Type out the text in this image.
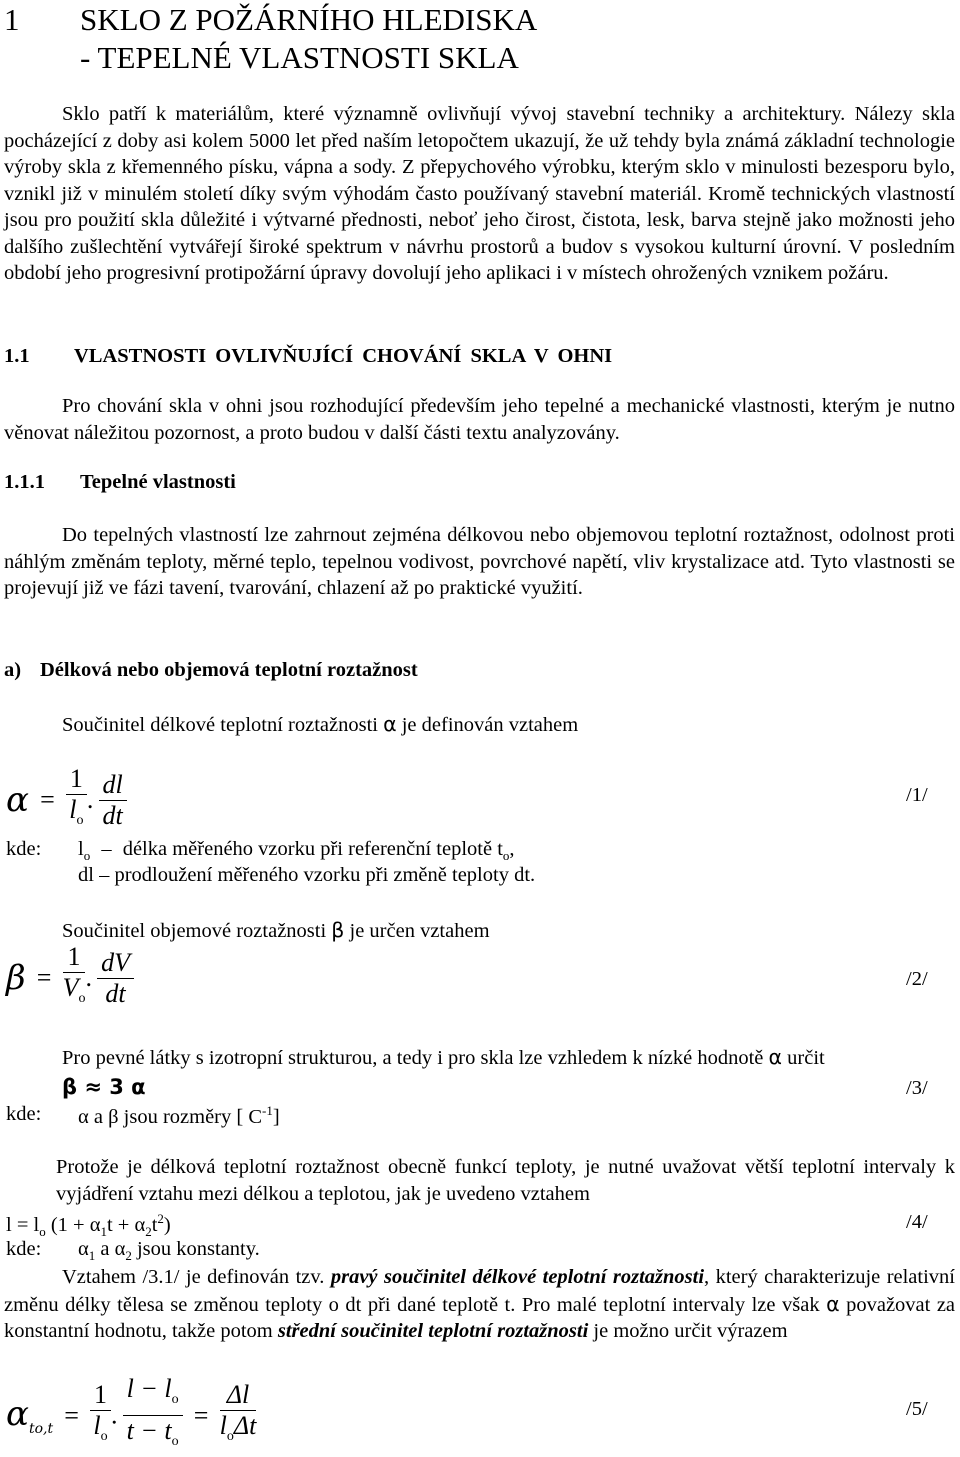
1 SKLO Z POŽÁRNÍHO HLEDISKA
- TEPELNÉ VLASTNOSTI SKLA
Sklo patří k materiálům, které významně ovlivňují vývoj stavební techniky a architektury. Nálezy skla pocházející z doby asi kolem 5000 let před naším letopočtem ukazují, že už tehdy byla známá základní technologie výroby skla z křemenného písku, vápna a sody. Z přepychového výrobku, kterým sklo v minulosti bezesporu bylo, vznikl již v minulém století díky svým výhodám často používaný stavební materiál. Kromě technických vlastností jsou pro použití skla důležité i výtvarné přednosti, neboť jeho čirost, čistota, lesk, barva stejně jako možnosti jeho dalšího zušlechtění vytvářejí široké spektrum v návrhu prostorů a budov s vysokou kulturní úrovní. V posledním období jeho progresivní protipožární úpravy dovolují jeho aplikaci i v místech ohrožených vznikem požáru.
1.1 VLASTNOSTI OVLIVŇUJÍCÍ CHOVÁNÍ SKLA V OHNI
Pro chování skla v ohni jsou rozhodující především jeho tepelné a mechanické vlastnosti, kterým je nutno věnovat náležitou pozornost, a proto budou v další části textu analyzovány.
1.1.1 Tepelné vlastnosti
Do tepelných vlastností lze zahrnout zejména délkovou nebo objemovou teplotní roztažnost, odolnost proti náhlým změnám teploty, měrné teplo, tepelnou vodivost, povrchové napětí, vliv krystalizace atd. Tyto vlastnosti se projevují již ve fázi tavení, tvarování, chlazení až po praktické využití.
a) Délková nebo objemová teplotní roztažnost
Součinitel délkové teplotní roztažnosti α je definován vztahem
$\alpha = \frac{1}{l_o}$ . $\frac{dl}{dt}$	/1/
kde: $l_o$ – délka měřeného vzorku při referenční teplotě $t_o$,
dl – prodloužení měřeného vzorku při změně teploty dt.
Součinitel objemové roztažnosti β je určen vztahem
$\beta = \frac{1}{V_o}$ . $\frac{dV}{dt}$	/2/
Pro pevné látky s izotropní strukturou, a tedy i pro skla lze vzhledem k nízké hodnotě α určit
β ≈ 3 α	/3/
kde: α a β jsou rozměry [ $C^{-1}$]
Protože je délková teplotní roztažnost obecně funkcí teploty, je nutné uvažovat větší teplotní intervaly k vyjádření vztahu mezi délkou a teplotou, jak je uvedeno vztahem
$l = l_o$ $(1 + \alpha_1t + \alpha_2t^2)$	/4/
kde: $\alpha_1$ a $\alpha_2$ jsou konstanty.
Vztahem /3.1/ je definován tzv. pravý součinitel délkové teplotní roztažnosti, který charakterizuje relativní změnu délky tělesa se změnou teploty o dt při dané teplotě t. Pro malé teplotní intervaly lze však α považovat za konstantní hodnotu, takže potom střední součinitel teplotní roztažnosti je možno určit výrazem
$\alpha_{to,t} = \frac{1}{l_o}$ . $\frac{l - l_o}{t - t_o} = \frac{\Delta l}{l_o\Delta t}$	/5/
